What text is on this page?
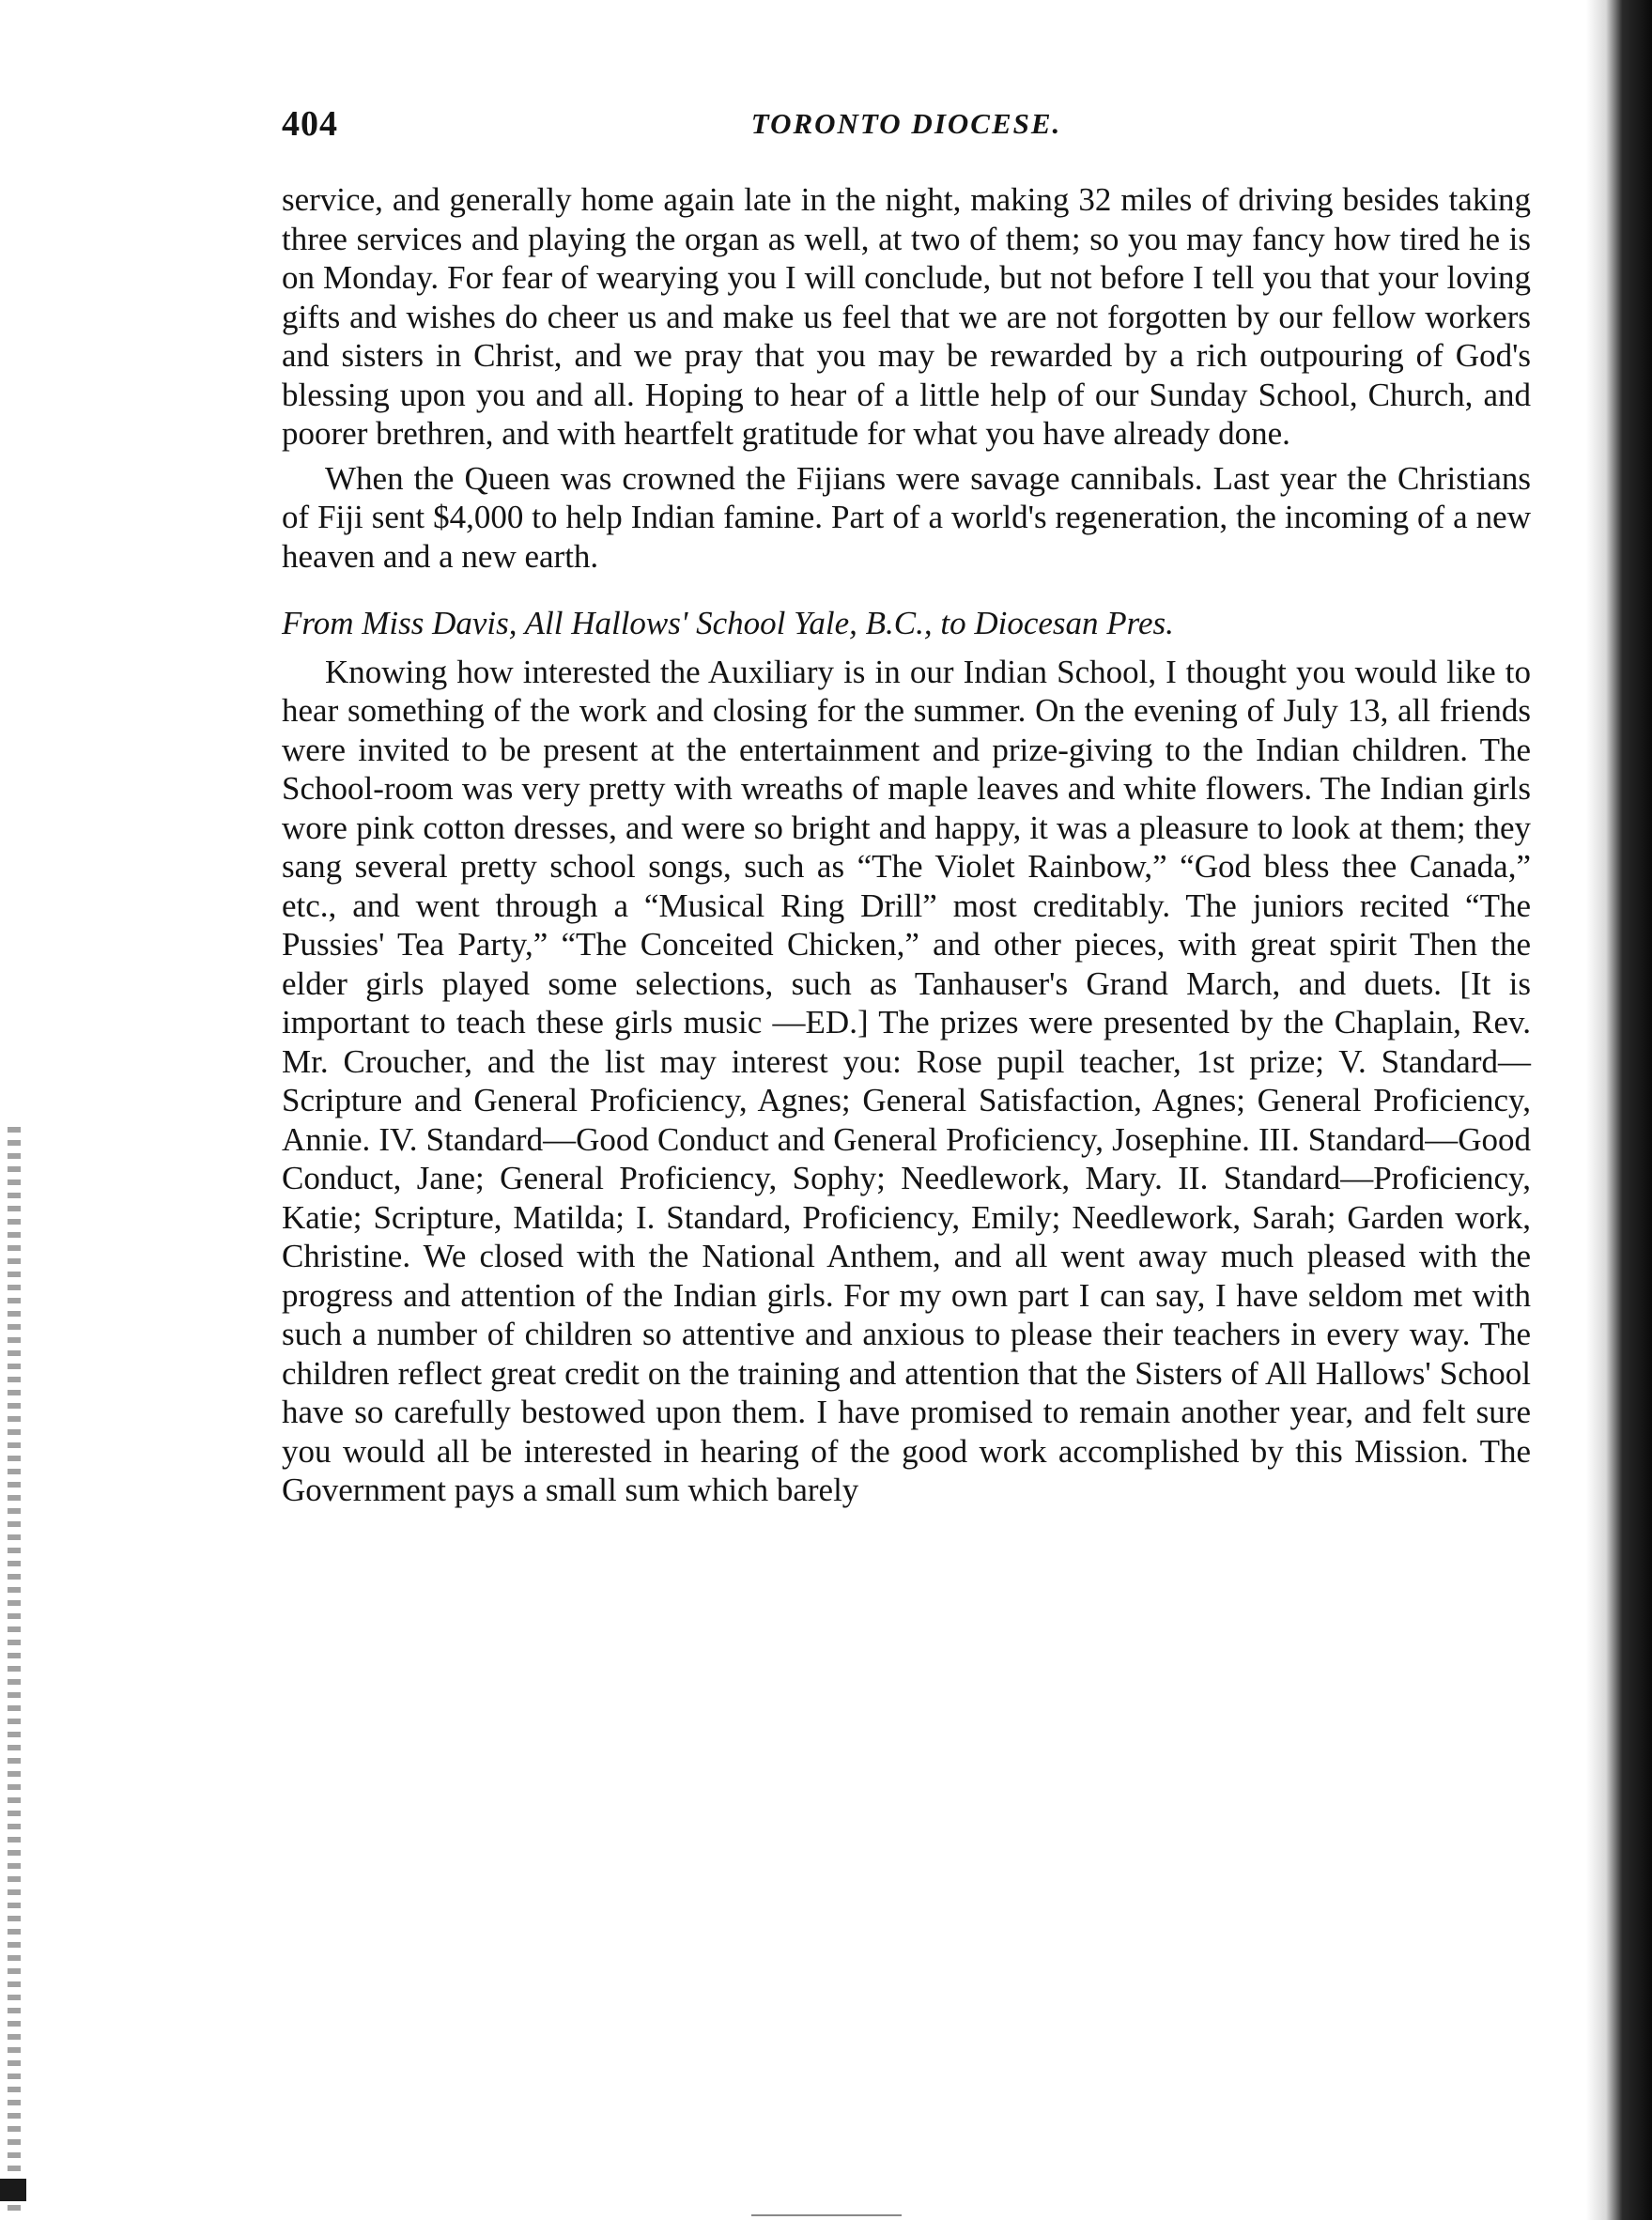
404	TORONTO DIOCESE.

service, and generally home again late in the night, making 32 miles of driving besides taking three services and playing the organ as well, at two of them; so you may fancy how tired he is on Monday. For fear of wearying you I will conclude, but not before I tell you that your loving gifts and wishes do cheer us and make us feel that we are not forgotten by our fellow workers and sisters in Christ, and we pray that you may be rewarded by a rich outpouring of God's blessing upon you and all. Hoping to hear of a little help of our Sunday School, Church, and poorer brethren, and with heartfelt gratitude for what you have already done.

When the Queen was crowned the Fijians were savage cannibals. Last year the Christians of Fiji sent $4,000 to help Indian famine. Part of a world's regeneration, the incoming of a new heaven and a new earth.

From Miss Davis, All Hallows' School Yale, B.C., to Diocesan Pres.

Knowing how interested the Auxiliary is in our Indian School, I thought you would like to hear something of the work and closing for the summer. On the evening of July 13, all friends were invited to be present at the entertainment and prize-giving to the Indian children. The School-room was very pretty with wreaths of maple leaves and white flowers. The Indian girls wore pink cotton dresses, and were so bright and happy, it was a pleasure to look at them; they sang several pretty school songs, such as “The Violet Rainbow,” “God bless thee Canada,” etc., and went through a “Musical Ring Drill” most creditably. The juniors recited “The Pussies' Tea Party,” “The Conceited Chicken,” and other pieces, with great spirit Then the elder girls played some selections, such as Tanhauser's Grand March, and duets. [It is important to teach these girls music —ED.] The prizes were presented by the Chaplain, Rev. Mr. Croucher, and the list may interest you: Rose pupil teacher, 1st prize; V. Standard—Scripture and General Proficiency, Agnes; General Satisfaction, Agnes; General Proficiency, Annie. IV. Standard—Good Conduct and General Proficiency, Josephine. III. Standard—Good Conduct, Jane; General Proficiency, Sophy; Needlework, Mary. II. Standard—Proficiency, Katie; Scripture, Matilda; I. Standard, Proficiency, Emily; Needlework, Sarah; Garden work, Christine. We closed with the National Anthem, and all went away much pleased with the progress and attention of the Indian girls. For my own part I can say, I have seldom met with such a number of children so attentive and anxious to please their teachers in every way. The children reflect great credit on the training and attention that the Sisters of All Hallows' School have so carefully bestowed upon them. I have promised to remain another year, and felt sure you would all be interested in hearing of the good work accomplished by this Mission. The Government pays a small sum which barely
